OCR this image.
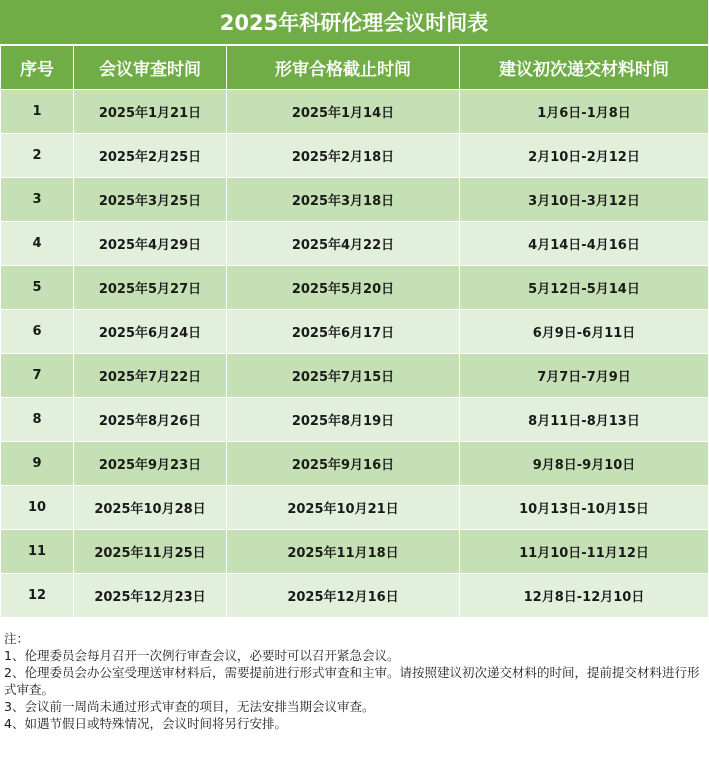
2025年科研伦理会议时间表
序号	会议审查时间	形审合格截止时间	建议初次递交材料时间
1	2025年1月21日	2025年1月14日	1月6日-1月8日
2	2025年2月25日	2025年2月18日	2月10日-2月12日
3	2025年3月25日	2025年3月18日	3月10日-3月12日
4	2025年4月29日	2025年4月22日	4月14日-4月16日
5	2025年5月27日	2025年5月20日	5月12日-5月14日
6	2025年6月24日	2025年6月17日	6月9日-6月11日
7	2025年7月22日	2025年7月15日	7月7日-7月9日
8	2025年8月26日	2025年8月19日	8月11日-8月13日
9	2025年9月23日	2025年9月16日	9月8日-9月10日
10	2025年10月28日	2025年10月21日	10月13日-10月15日
11	2025年11月25日	2025年11月18日	11月10日-11月12日
12	2025年12月23日	2025年12月16日	12月8日-12月10日
注：
1、伦理委员会每月召开一次例行审查会议，必要时可以召开紧急会议。
2、伦理委员会办公室受理送审材料后，需要提前进行形式审查和主审。请按照建议初次递交材料的时间，提前提交材料进行形式审查。
3、会议前一周尚未通过形式审查的项目，无法安排当期会议审查。
4、如遇节假日或特殊情况，会议时间将另行安排。
